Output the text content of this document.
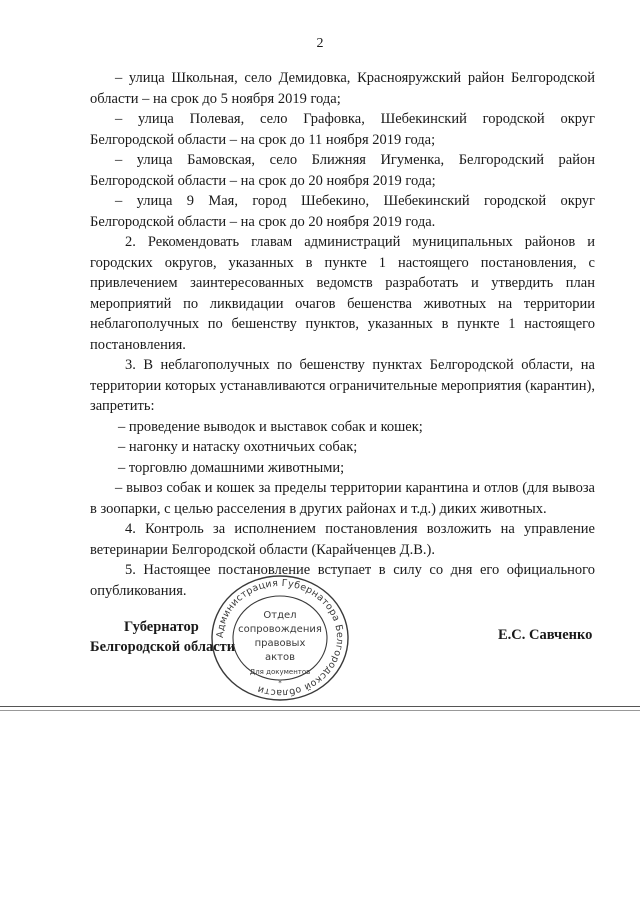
2

– улица Школьная, село Демидовка, Краснояружский район Белгородской области – на срок до 5 ноября 2019 года;

– улица Полевая, село Графовка, Шебекинский городской округ Белгородской области – на срок до 11 ноября 2019 года;

– улица Бамовская, село Ближняя Игуменка, Белгородский район Белгородской области – на срок до 20 ноября 2019 года;

– улица 9 Мая, город Шебекино, Шебекинский городской округ Белгородской области – на срок до 20 ноября 2019 года.

2. Рекомендовать главам администраций муниципальных районов и городских округов, указанных в пункте 1 настоящего постановления, с привлечением заинтересованных ведомств разработать и утвердить план мероприятий по ликвидации очагов бешенства животных на территории неблагополучных по бешенству пунктов, указанных в пункте 1 настоящего постановления.

3. В неблагополучных по бешенству пунктах Белгородской области, на территории которых устанавливаются ограничительные мероприятия (карантин), запретить:

– проведение выводок и выставок собак и кошек;

– нагонку и натаску охотничьих собак;

– торговлю домашними животными;

– вывоз собак и кошек за пределы территории карантина и отлов (для вывоза в зоопарки, с целью расселения в других районах и т.д.) диких животных.

4. Контроль за исполнением постановления возложить на управление ветеринарии Белгородской области (Карайченцев Д.В.).

5. Настоящее постановление вступает в силу со дня его официального опубликования.

Губернатор
Белгородской области
Е.С. Савченко
Администрация Губернатора Белгородской области
Отдел
сопровождения
правовых
актов
Для документов
*
